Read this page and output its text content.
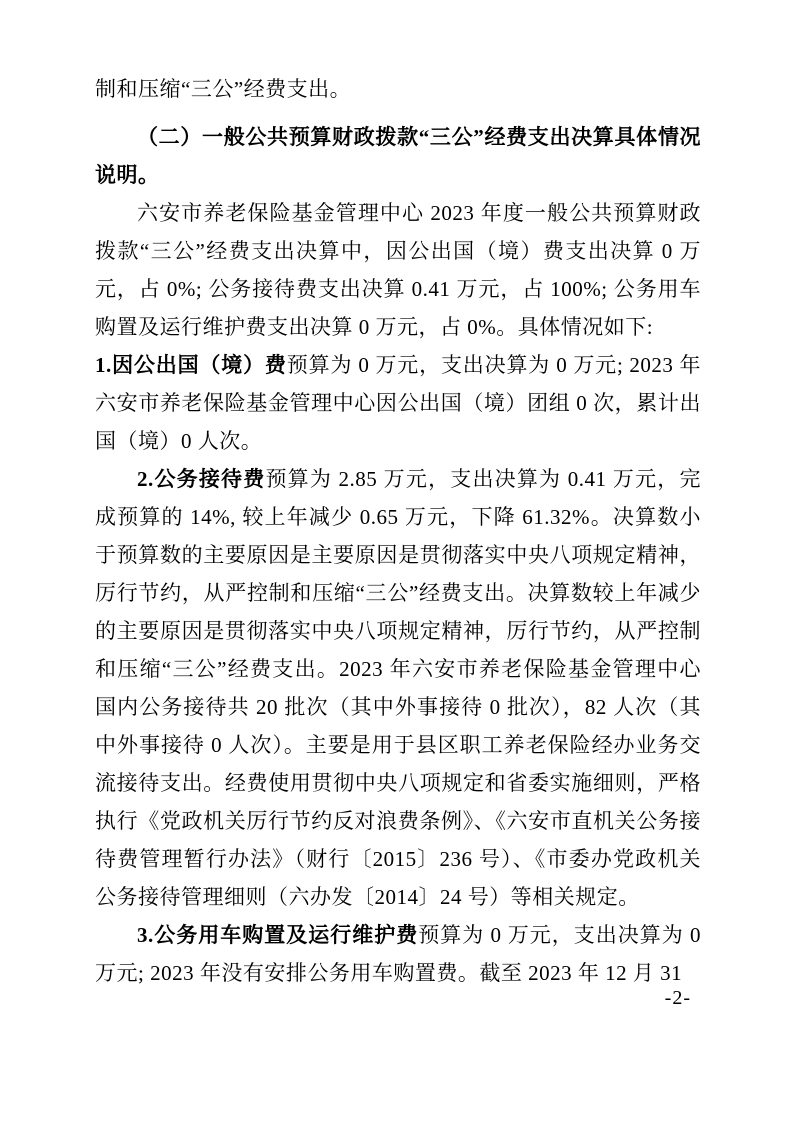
制和压缩“三公”经费支出。

（二）一般公共预算财政拨款“三公”经费支出决算具体情况说明。

六安市养老保险基金管理中心 2023 年度一般公共预算财政拨款“三公”经费支出决算中，因公出国（境）费支出决算 0 万元，占 0%; 公务接待费支出决算 0.41 万元，占 100%; 公务用车购置及运行维护费支出决算 0 万元，占 0%。具体情况如下:

1.因公出国（境）费预算为 0 万元，支出决算为 0 万元; 2023 年六安市养老保险基金管理中心因公出国（境）团组 0 次，累计出国（境）0 人次。

2.公务接待费预算为 2.85 万元，支出决算为 0.41 万元，完成预算的 14%, 较上年减少 0.65 万元，下降 61.32%。决算数小于预算数的主要原因是主要原因是贯彻落实中央八项规定精神，厉行节约，从严控制和压缩“三公”经费支出。决算数较上年减少的主要原因是贯彻落实中央八项规定精神，厉行节约，从严控制和压缩“三公”经费支出。2023 年六安市养老保险基金管理中心国内公务接待共 20 批次（其中外事接待 0 批次），82 人次（其中外事接待 0 人次）。主要是用于县区职工养老保险经办业务交流接待支出。经费使用贯彻中央八项规定和省委实施细则，严格执行《党政机关厉行节约反对浪费条例》、《六安市直机关公务接待费管理暂行办法》（财行〔2015〕236 号）、《市委办党政机关公务接待管理细则（六办发〔2014〕24 号）等相关规定。

3.公务用车购置及运行维护费预算为 0 万元，支出决算为 0 万元; 2023 年没有安排公务用车购置费。截至 2023 年 12 月 31

-2-
